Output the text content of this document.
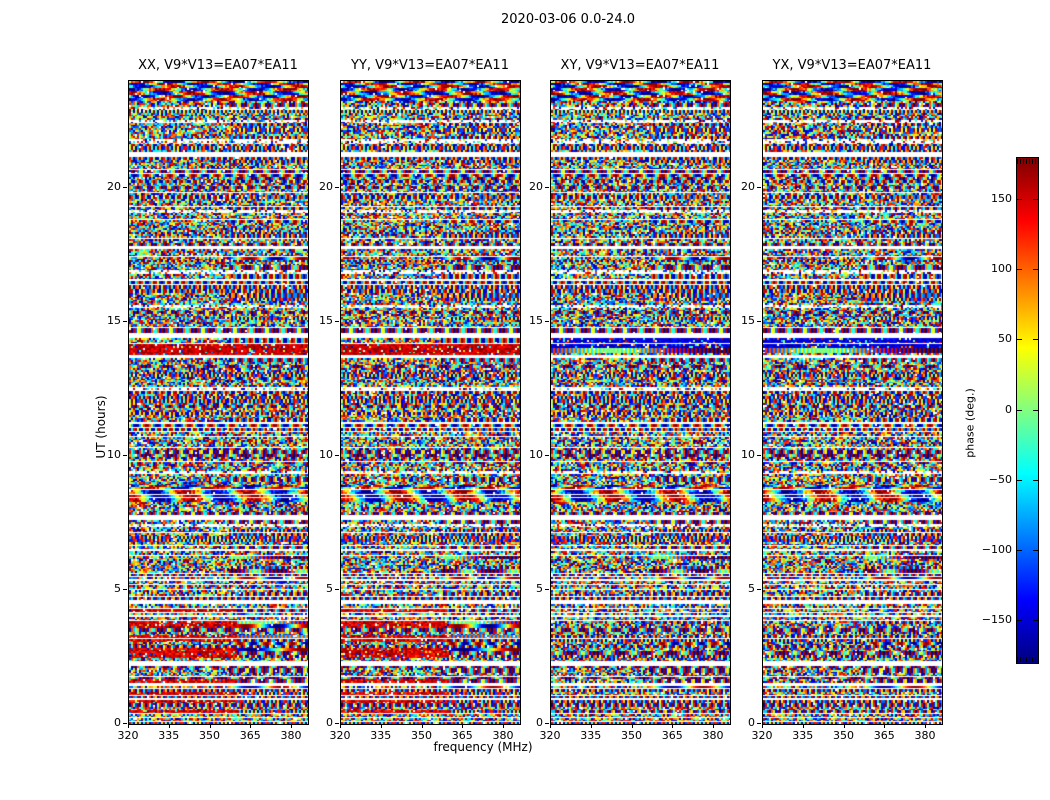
2020-03-06 0.0-24.0
XX, V9*V13=EA07*EA11	YY, V9*V13=EA07*EA11	XY, V9*V13=EA07*EA11	YX, V9*V13=EA07*EA11
UT (hours)
frequency (MHz)
phase (deg.)
320 335 350 365 380
0
5
10
15
20
320 335 350 365 380
0
5
10
15
20
320 335 350 365 380
0
5
10
15
20
320 335 350 365 380
0
5
10
15
20
150
100
50
0
−50
−100
−150
